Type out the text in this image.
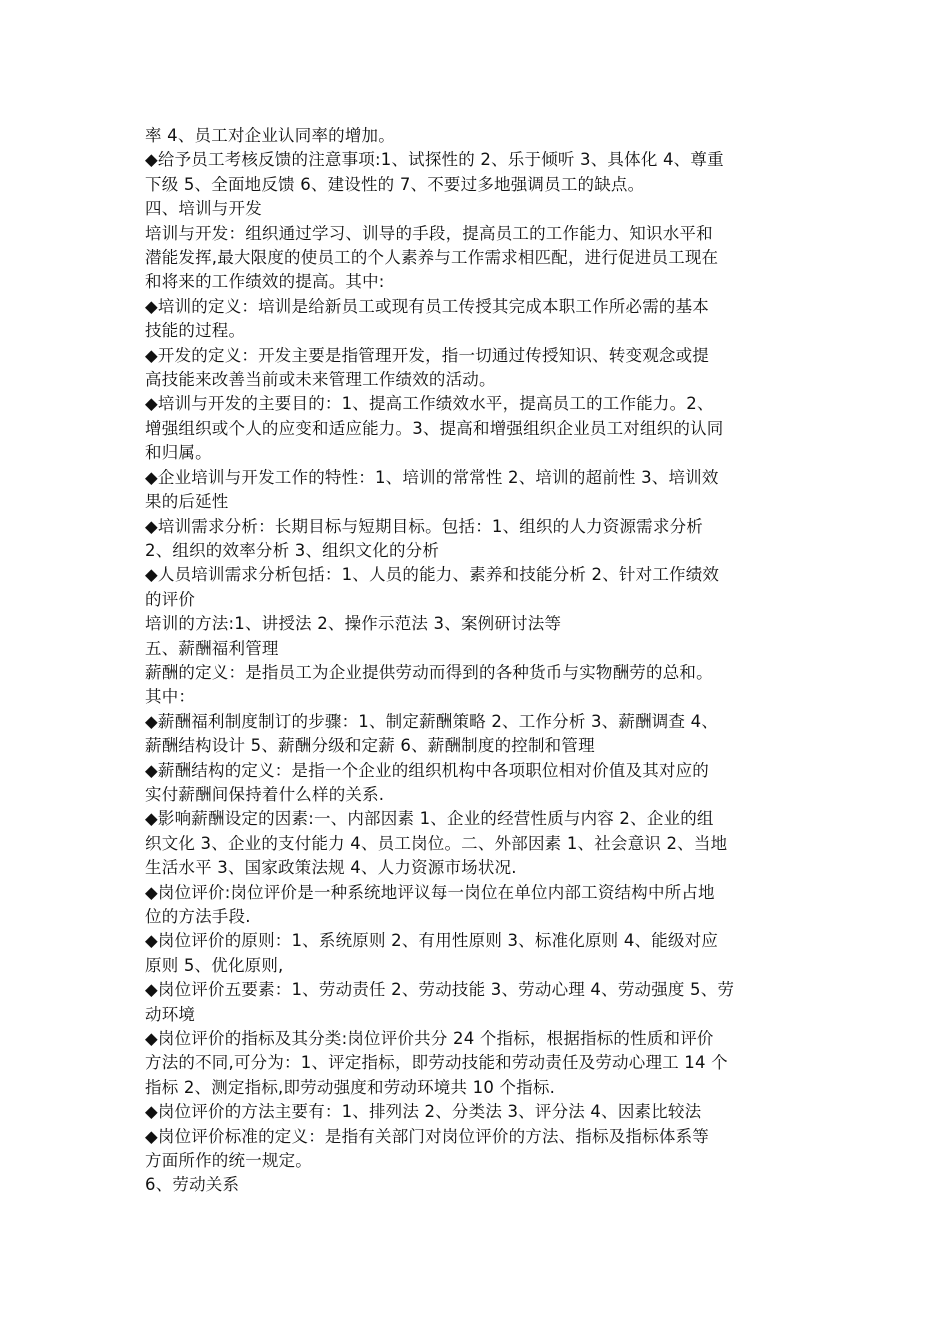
率 4、员工对企业认同率的增加。
◆给予员工考核反馈的注意事项:1、试探性的 2、乐于倾听 3、具体化 4、尊重
下级 5、全面地反馈 6、建设性的 7、不要过多地强调员工的缺点。
四、培训与开发
培训与开发：组织通过学习、训导的手段，提高员工的工作能力、知识水平和
潜能发挥,最大限度的使员工的个人素养与工作需求相匹配，进行促进员工现在
和将来的工作绩效的提高。其中:
◆培训的定义：培训是给新员工或现有员工传授其完成本职工作所必需的基本
技能的过程。
◆开发的定义：开发主要是指管理开发，指一切通过传授知识、转变观念或提
高技能来改善当前或未来管理工作绩效的活动。
◆培训与开发的主要目的：1、提高工作绩效水平，提高员工的工作能力。2、
增强组织或个人的应变和适应能力。3、提高和增强组织企业员工对组织的认同
和归属。
◆企业培训与开发工作的特性：1、培训的常常性 2、培训的超前性 3、培训效
果的后延性
◆培训需求分析：长期目标与短期目标。包括：1、组织的人力资源需求分析
2、组织的效率分析 3、组织文化的分析
◆人员培训需求分析包括：1、人员的能力、素养和技能分析 2、针对工作绩效
的评价
培训的方法:1、讲授法 2、操作示范法 3、案例研讨法等
五、薪酬福利管理
薪酬的定义：是指员工为企业提供劳动而得到的各种货币与实物酬劳的总和。
其中：
◆薪酬福利制度制订的步骤：1、制定薪酬策略 2、工作分析 3、薪酬调查 4、
薪酬结构设计 5、薪酬分级和定薪 6、薪酬制度的控制和管理
◆薪酬结构的定义：是指一个企业的组织机构中各项职位相对价值及其对应的
实付薪酬间保持着什么样的关系.
◆影响薪酬设定的因素:一、内部因素 1、企业的经营性质与内容 2、企业的组
织文化 3、企业的支付能力 4、员工岗位。二、外部因素 1、社会意识 2、当地
生活水平 3、国家政策法规 4、人力资源市场状况.
◆岗位评价:岗位评价是一种系统地评议每一岗位在单位内部工资结构中所占地
位的方法手段.
◆岗位评价的原则：1、系统原则 2、有用性原则 3、标准化原则 4、能级对应
原则 5、优化原则,
◆岗位评价五要素：1、劳动责任 2、劳动技能 3、劳动心理 4、劳动强度 5、劳
动环境
◆岗位评价的指标及其分类:岗位评价共分 24 个指标，根据指标的性质和评价
方法的不同,可分为：1、评定指标，即劳动技能和劳动责任及劳动心理工 14 个
指标 2、测定指标,即劳动强度和劳动环境共 10 个指标.
◆岗位评价的方法主要有：1、排列法 2、分类法 3、评分法 4、因素比较法
◆岗位评价标准的定义：是指有关部门对岗位评价的方法、指标及指标体系等
方面所作的统一规定。
6、劳动关系
